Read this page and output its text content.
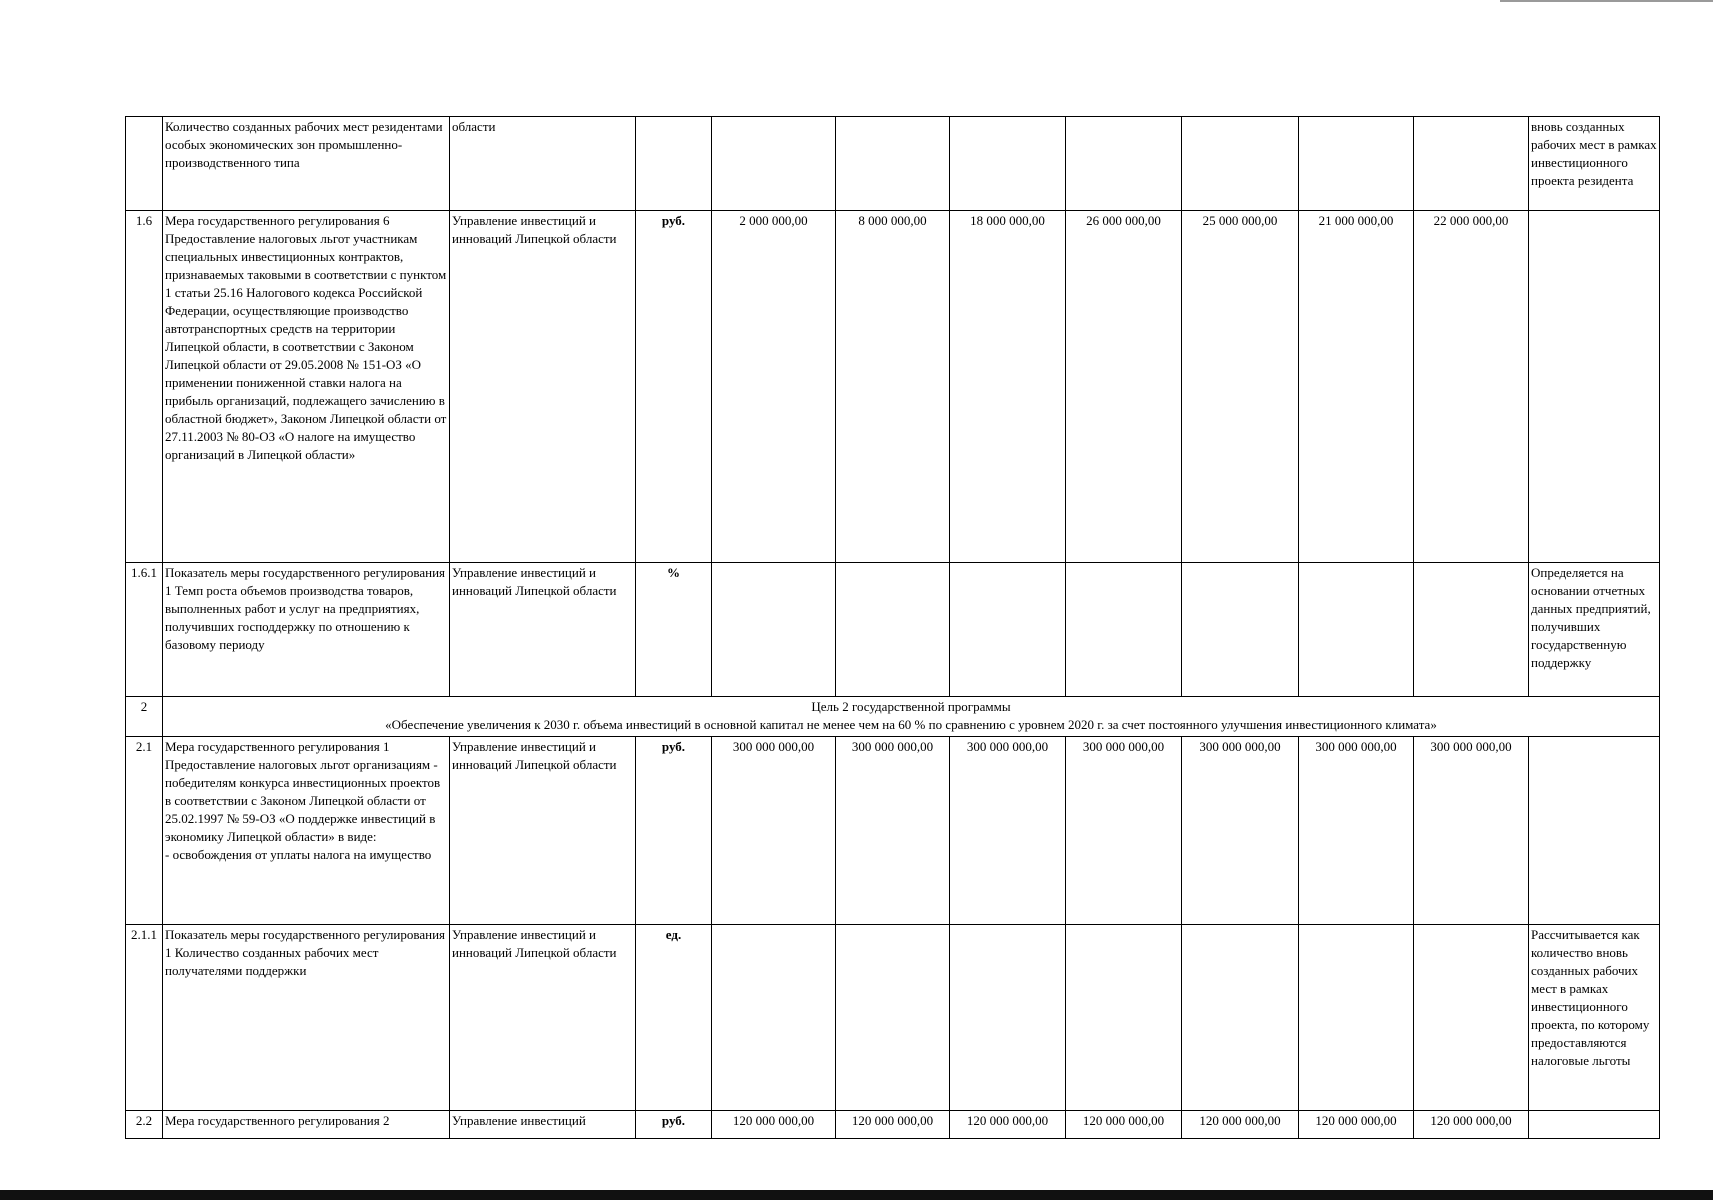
	Количество созданных рабочих мест резидентами особых экономических зон промышленно-производственного типа	области									вновь созданных рабочих мест в рамках инвестиционного проекта резидента
1.6	Мера государственного регулирования 6 Предоставление налоговых льгот участникам специальных инвестиционных контрактов, признаваемых таковыми в соответствии с пунктом 1 статьи 25.16 Налогового кодекса Российской Федерации, осуществляющие производство автотранспортных средств на территории Липецкой области, в соответствии с Законом Липецкой области от 29.05.2008 № 151-ОЗ «О применении пониженной ставки налога на прибыль организаций, подлежащего зачислению в областной бюджет», Законом Липецкой области от 27.11.2003 № 80-ОЗ «О налоге на имущество организаций в Липецкой области»	Управление инвестиций и инноваций Липецкой области	руб.	2 000 000,00	8 000 000,00	18 000 000,00	26 000 000,00	25 000 000,00	21 000 000,00	22 000 000,00	
1.6.1	Показатель меры государственного регулирования 1 Темп роста объемов производства товаров, выполненных работ и услуг на предприятиях, получивших господдержку по отношению к базовому периоду	Управление инвестиций и инноваций Липецкой области	%								Определяется на основании отчетных данных предприятий, получивших государственную поддержку
2	Цель 2 государственной программы
«Обеспечение увеличения к 2030 г. объема инвестиций в основной капитал не менее чем на 60 % по сравнению с уровнем 2020 г. за счет постоянного улучшения инвестиционного климата»										

2.1	Мера государственного регулирования 1 Предоставление налоговых льгот организациям - победителям конкурса инвестиционных проектов в соответствии с Законом Липецкой области от 25.02.1997 № 59-ОЗ «О поддержке инвестиций в экономику Липецкой области» в виде:
- освобождения от уплаты налога на имущество	Управление инвестиций и инноваций Липецкой области	руб.	300 000 000,00	300 000 000,00	300 000 000,00	300 000 000,00	300 000 000,00	300 000 000,00	300 000 000,00	
2.1.1	Показатель меры государственного регулирования 1 Количество созданных рабочих мест получателями поддержки	Управление инвестиций и инноваций Липецкой области	ед.								Рассчитывается как количество вновь созданных рабочих мест в рамках инвестиционного проекта, по которому предоставляются налоговые льготы
2.2	Мера государственного регулирования 2	Управление инвестиций	руб.	120 000 000,00	120 000 000,00	120 000 000,00	120 000 000,00	120 000 000,00	120 000 000,00	120 000 000,00	
